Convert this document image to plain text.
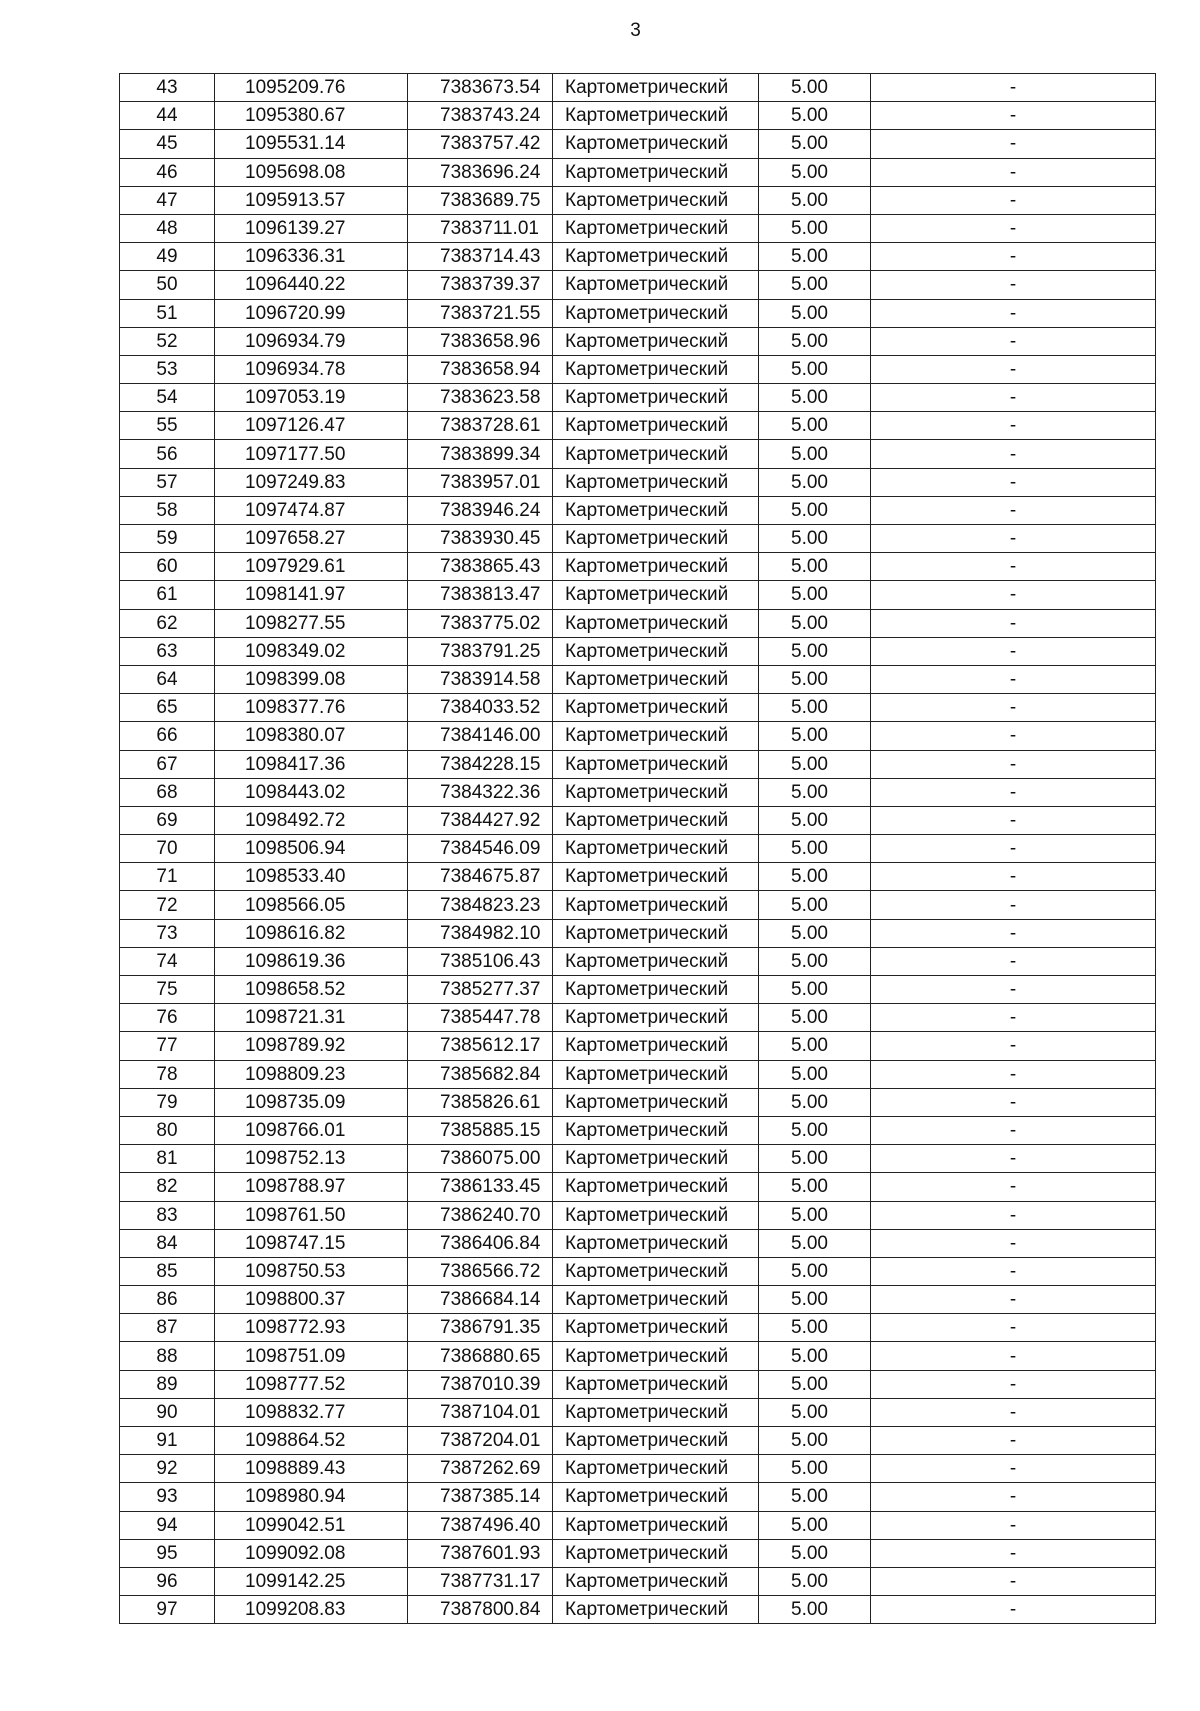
3
43	1095209.76	7383673.54	Картометрический	5.00	-
44	1095380.67	7383743.24	Картометрический	5.00	-
45	1095531.14	7383757.42	Картометрический	5.00	-
46	1095698.08	7383696.24	Картометрический	5.00	-
47	1095913.57	7383689.75	Картометрический	5.00	-
48	1096139.27	7383711.01	Картометрический	5.00	-
49	1096336.31	7383714.43	Картометрический	5.00	-
50	1096440.22	7383739.37	Картометрический	5.00	-
51	1096720.99	7383721.55	Картометрический	5.00	-
52	1096934.79	7383658.96	Картометрический	5.00	-
53	1096934.78	7383658.94	Картометрический	5.00	-
54	1097053.19	7383623.58	Картометрический	5.00	-
55	1097126.47	7383728.61	Картометрический	5.00	-
56	1097177.50	7383899.34	Картометрический	5.00	-
57	1097249.83	7383957.01	Картометрический	5.00	-
58	1097474.87	7383946.24	Картометрический	5.00	-
59	1097658.27	7383930.45	Картометрический	5.00	-
60	1097929.61	7383865.43	Картометрический	5.00	-
61	1098141.97	7383813.47	Картометрический	5.00	-
62	1098277.55	7383775.02	Картометрический	5.00	-
63	1098349.02	7383791.25	Картометрический	5.00	-
64	1098399.08	7383914.58	Картометрический	5.00	-
65	1098377.76	7384033.52	Картометрический	5.00	-
66	1098380.07	7384146.00	Картометрический	5.00	-
67	1098417.36	7384228.15	Картометрический	5.00	-
68	1098443.02	7384322.36	Картометрический	5.00	-
69	1098492.72	7384427.92	Картометрический	5.00	-
70	1098506.94	7384546.09	Картометрический	5.00	-
71	1098533.40	7384675.87	Картометрический	5.00	-
72	1098566.05	7384823.23	Картометрический	5.00	-
73	1098616.82	7384982.10	Картометрический	5.00	-
74	1098619.36	7385106.43	Картометрический	5.00	-
75	1098658.52	7385277.37	Картометрический	5.00	-
76	1098721.31	7385447.78	Картометрический	5.00	-
77	1098789.92	7385612.17	Картометрический	5.00	-
78	1098809.23	7385682.84	Картометрический	5.00	-
79	1098735.09	7385826.61	Картометрический	5.00	-
80	1098766.01	7385885.15	Картометрический	5.00	-
81	1098752.13	7386075.00	Картометрический	5.00	-
82	1098788.97	7386133.45	Картометрический	5.00	-
83	1098761.50	7386240.70	Картометрический	5.00	-
84	1098747.15	7386406.84	Картометрический	5.00	-
85	1098750.53	7386566.72	Картометрический	5.00	-
86	1098800.37	7386684.14	Картометрический	5.00	-
87	1098772.93	7386791.35	Картометрический	5.00	-
88	1098751.09	7386880.65	Картометрический	5.00	-
89	1098777.52	7387010.39	Картометрический	5.00	-
90	1098832.77	7387104.01	Картометрический	5.00	-
91	1098864.52	7387204.01	Картометрический	5.00	-
92	1098889.43	7387262.69	Картометрический	5.00	-
93	1098980.94	7387385.14	Картометрический	5.00	-
94	1099042.51	7387496.40	Картометрический	5.00	-
95	1099092.08	7387601.93	Картометрический	5.00	-
96	1099142.25	7387731.17	Картометрический	5.00	-
97	1099208.83	7387800.84	Картометрический	5.00	-
